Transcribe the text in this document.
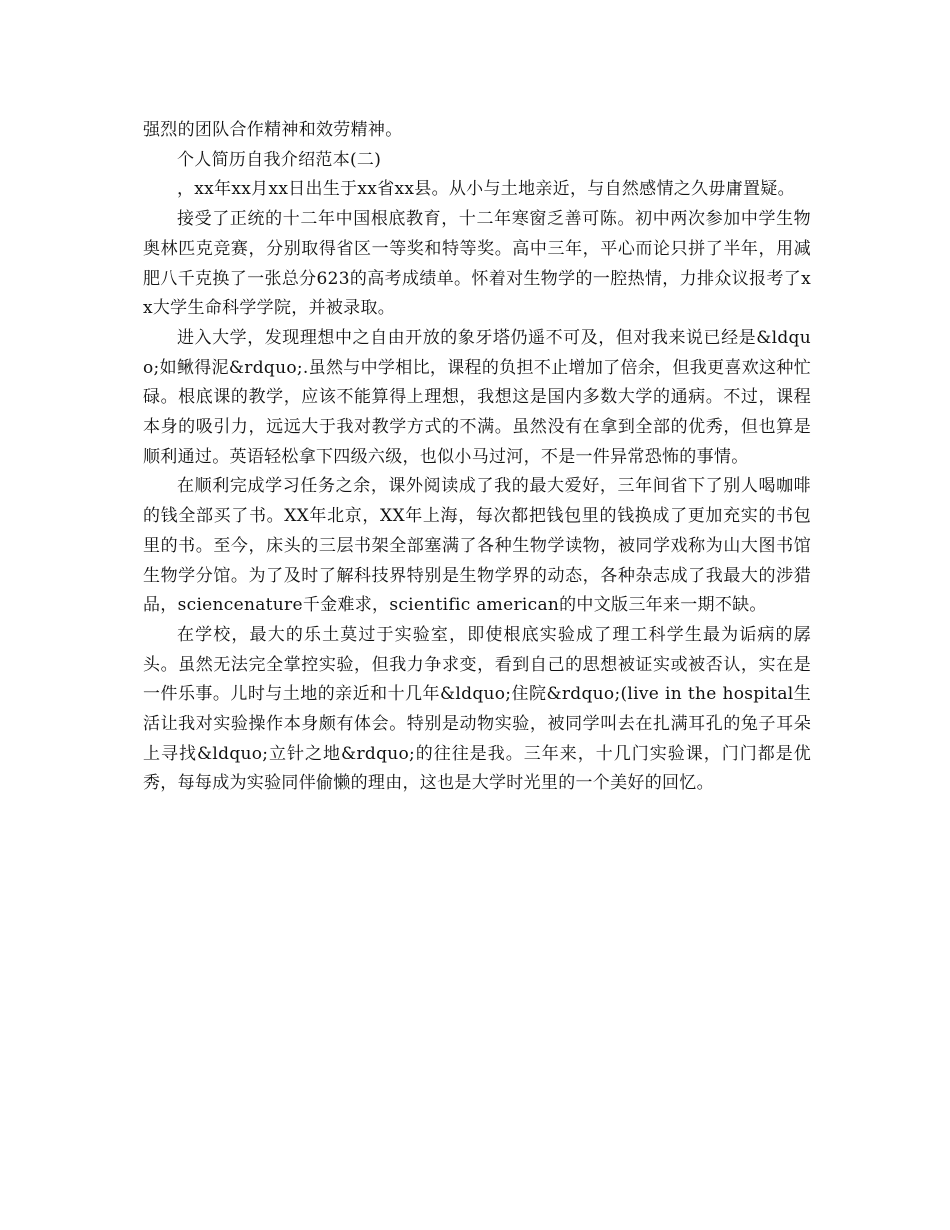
强烈的团队合作精神和效劳精神。

个人简历自我介绍范本(二)

，xx年xx月xx日出生于xx省xx县。从小与土地亲近，与自然感情之久毋庸置疑。

接受了正统的十二年中国根底教育，十二年寒窗乏善可陈。初中两次参加中学生物奥林匹克竞赛，分别取得省区一等奖和特等奖。高中三年，平心而论只拼了半年，用减肥八千克换了一张总分623的高考成绩单。怀着对生物学的一腔热情，力排众议报考了xx大学生命科学学院，并被录取。

进入大学，发现理想中之自由开放的象牙塔仍遥不可及，但对我来说已经是&ldquo;如鳅得泥&rdquo;.虽然与中学相比，课程的负担不止增加了倍余，但我更喜欢这种忙碌。根底课的教学，应该不能算得上理想，我想这是国内多数大学的通病。不过，课程本身的吸引力，远远大于我对教学方式的不满。虽然没有在拿到全部的优秀，但也算是顺利通过。英语轻松拿下四级六级，也似小马过河，不是一件异常恐怖的事情。

在顺利完成学习任务之余，课外阅读成了我的最大爱好，三年间省下了别人喝咖啡的钱全部买了书。XX年北京，XX年上海，每次都把钱包里的钱换成了更加充实的书包里的书。至今，床头的三层书架全部塞满了各种生物学读物，被同学戏称为山大图书馆生物学分馆。为了及时了解科技界特别是生物学界的动态，各种杂志成了我最大的涉猎品，sciencenature千金难求，scientific american的中文版三年来一期不缺。

在学校，最大的乐土莫过于实验室，即使根底实验成了理工科学生最为诟病的孱头。虽然无法完全掌控实验，但我力争求变，看到自己的思想被证实或被否认，实在是一件乐事。儿时与土地的亲近和十几年&ldquo;住院&rdquo;(live in the hospital生活让我对实验操作本身颇有体会。特别是动物实验，被同学叫去在扎满耳孔的兔子耳朵上寻找&ldquo;立针之地&rdquo;的往往是我。三年来，十几门实验课，门门都是优秀，每每成为实验同伴偷懒的理由，这也是大学时光里的一个美好的回忆。
